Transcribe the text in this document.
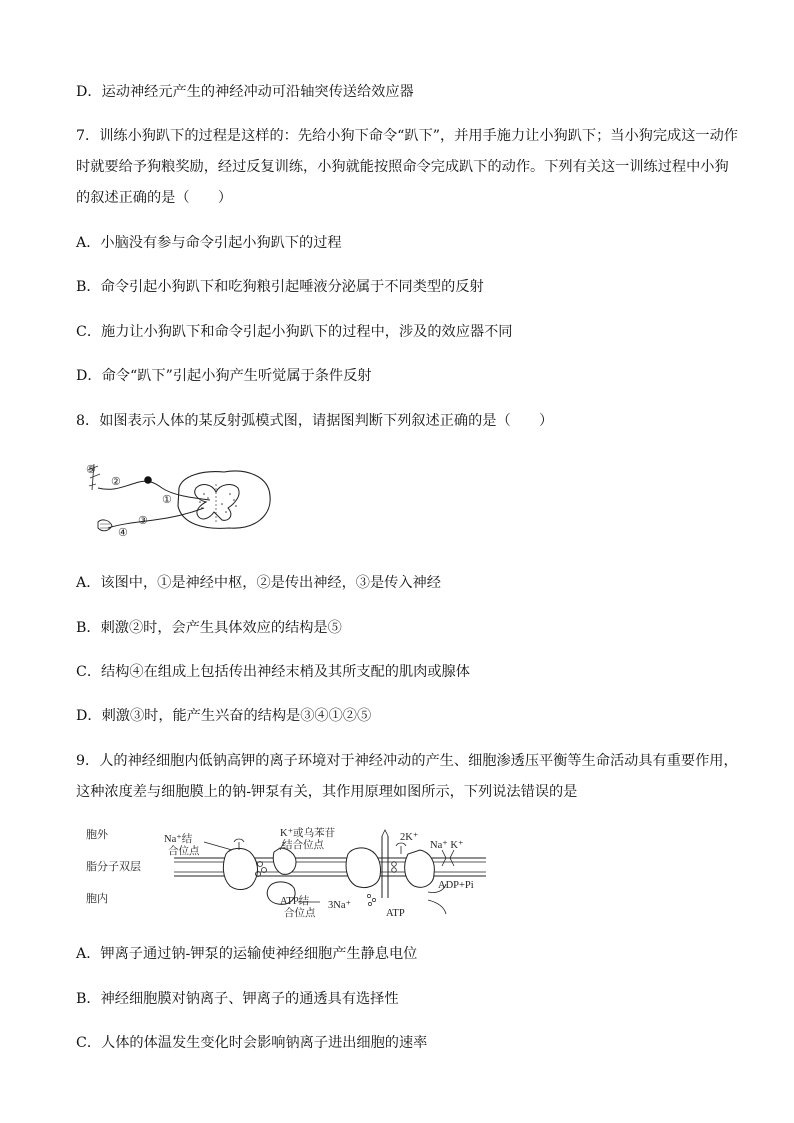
D．运动神经元产生的神经冲动可沿轴突传送给效应器
7．训练小狗趴下的过程是这样的：先给小狗下命令“趴下”，并用手施力让小狗趴下；当小狗完成这一动作
时就要给予狗粮奖励，经过反复训练，小狗就能按照命令完成趴下的动作。下列有关这一训练过程中小狗
的叙述正确的是（　　）
A．小脑没有参与命令引起小狗趴下的过程
B．命令引起小狗趴下和吃狗粮引起唾液分泌属于不同类型的反射
C．施力让小狗趴下和命令引起小狗趴下的过程中，涉及的效应器不同
D．命令“趴下”引起小狗产生听觉属于条件反射
8．如图表示人体的某反射弧模式图，请据图判断下列叙述正确的是（　　）
⑤
②
①
③
④
A．该图中，①是神经中枢，②是传出神经，③是传入神经
B．刺激②时，会产生具体效应的结构是⑤
C．结构④在组成上包括传出神经末梢及其所支配的肌肉或腺体
D．刺激③时，能产生兴奋的结构是③④①②⑤
9．人的神经细胞内低钠高钾的离子环境对于神经冲动的产生、细胞渗透压平衡等生命活动具有重要作用，
这种浓度差与细胞膜上的钠-钾泵有关，其作用原理如图所示，下列说法错误的是
胞外
脂分子双层
胞内
Na⁺结
合位点
K⁺或乌苯苷
结合位点
2K⁺
Na⁺ K⁺
ADP+Pi
ATP结
合位点
3Na⁺
ATP
A．钾离子通过钠-钾泵的运输使神经细胞产生静息电位
B．神经细胞膜对钠离子、钾离子的通透具有选择性
C．人体的体温发生变化时会影响钠离子进出细胞的速率
